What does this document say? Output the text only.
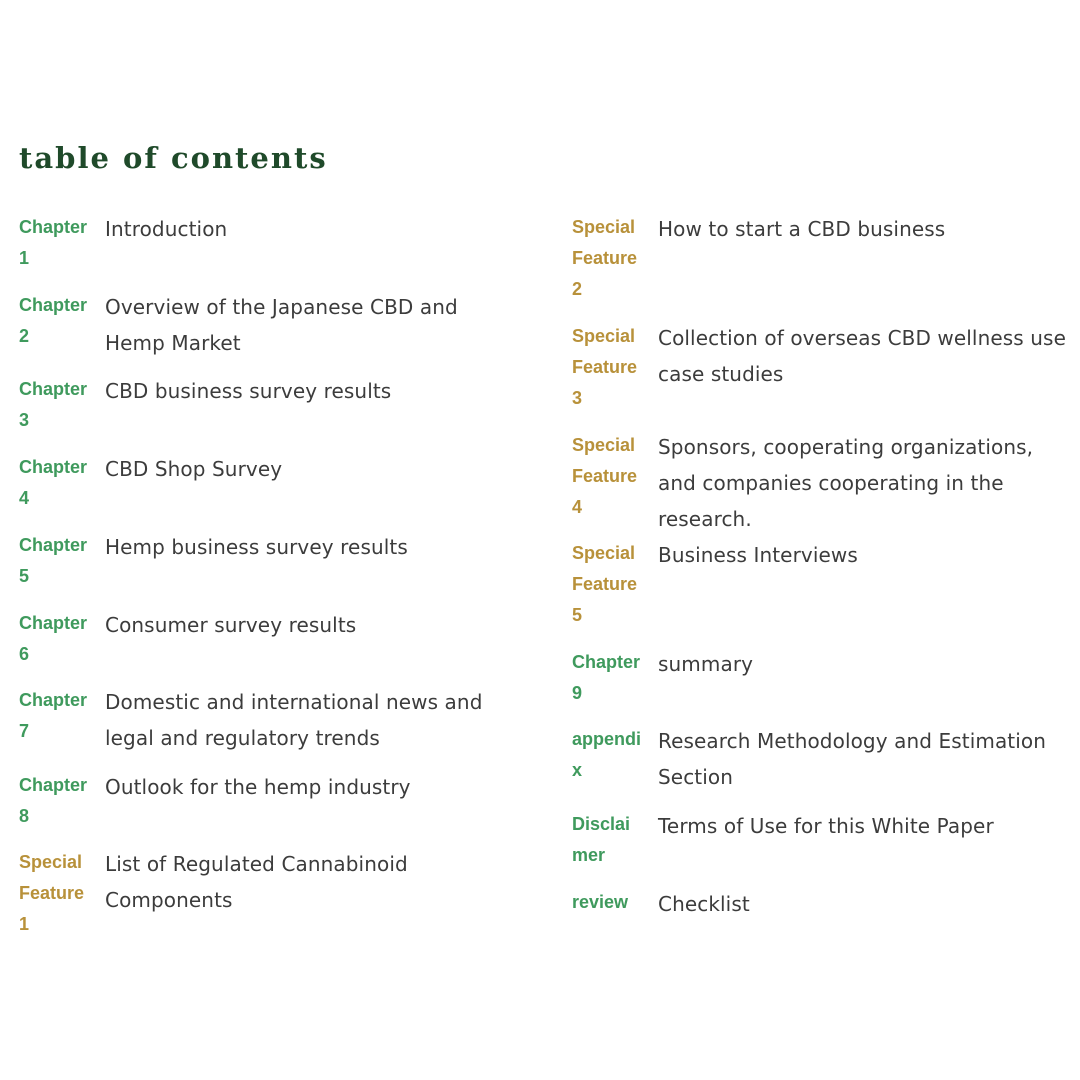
table of contents
Chapter 1
Introduction
Chapter 2
Overview of the Japanese CBD and Hemp Market
Chapter 3
CBD business survey results
Chapter 4
CBD Shop Survey
Chapter 5
Hemp business survey results
Chapter 6
Consumer survey results
Chapter 7
Domestic and international news and legal and regulatory trends
Chapter 8
Outlook for the hemp industry
Special Feature 1
List of Regulated Cannabinoid Components
Special Feature 2
How to start a CBD business
Special Feature 3
Collection of overseas CBD wellness use case studies
Special Feature 4
Sponsors, cooperating organizations, and companies cooperating in the research.
Special Feature 5
Business Interviews
Chapter 9
summary
appendix
Research Methodology and Estimation Section
Disclaimer
Terms of Use for this White Paper
review	Checklist
